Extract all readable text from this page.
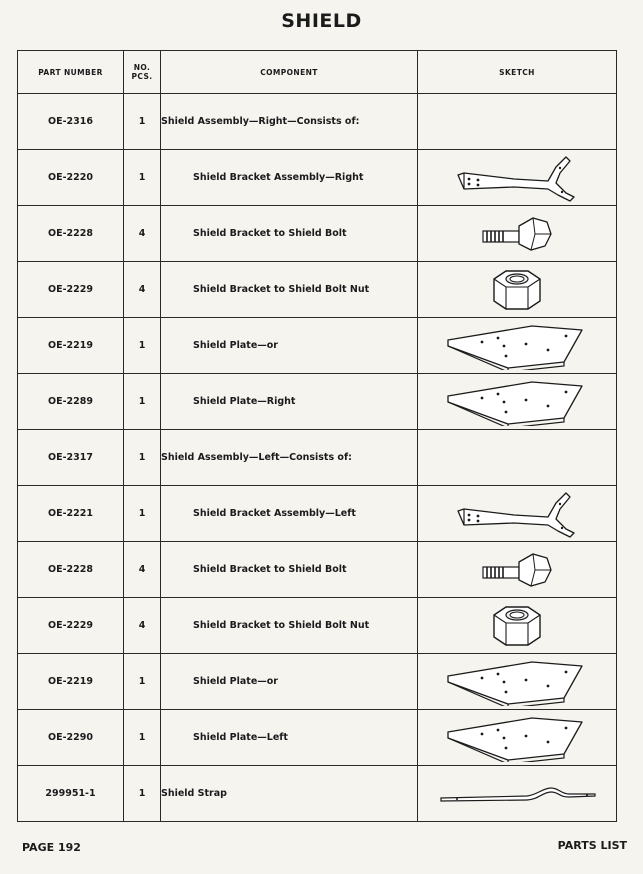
SHIELD
PART NUMBER	NO. PCS.	COMPONENT	SKETCH
OE-2316	1	Shield Assembly—Right—Consists of:	
OE-2220	1	Shield Bracket Assembly—Right	

OE-2228	4	Shield Bracket to Shield Bolt	

OE-2229	4	Shield Bracket to Shield Bolt Nut	

OE-2219	1	Shield Plate—or	

OE-2289	1	Shield Plate—Right	

OE-2317	1	Shield Assembly—Left—Consists of:	
OE-2221	1	Shield Bracket Assembly—Left	

OE-2228	4	Shield Bracket to Shield Bolt	

OE-2229	4	Shield Bracket to Shield Bolt Nut	

OE-2219	1	Shield Plate—or	

OE-2290	1	Shield Plate—Left	

299951-1	1	Shield Strap	
PAGE 192	PARTS LIST
